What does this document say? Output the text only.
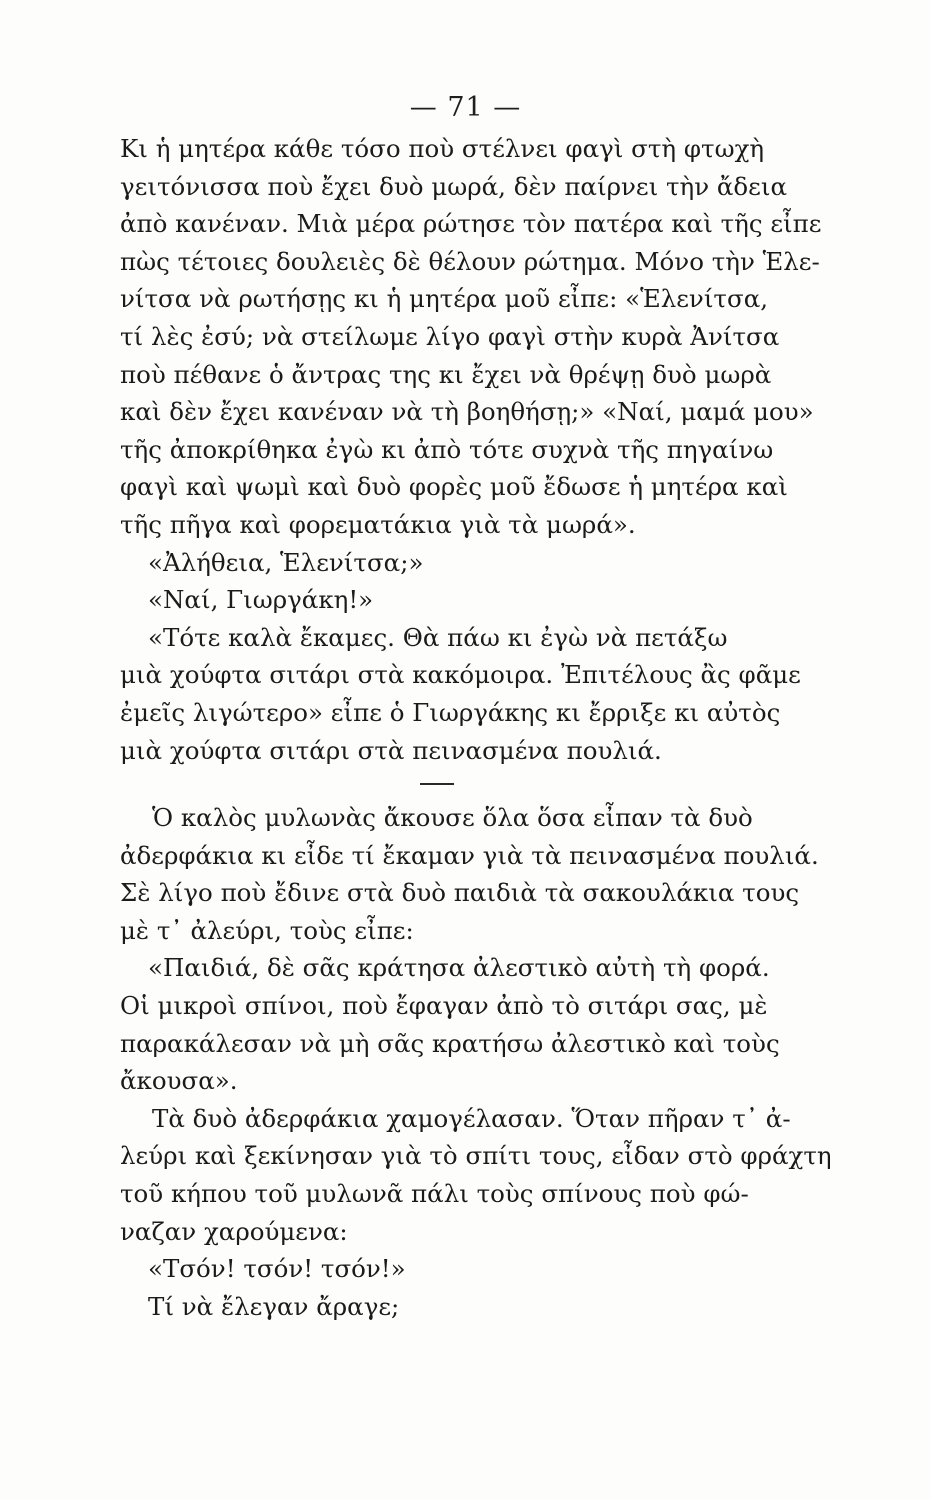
— 71 —
Κι ἡ μητέρα κάθε τόσο ποὺ στέλνει φαγὶ στὴ φτωχὴ
γειτόνισσα ποὺ ἔχει δυὸ μωρά, δὲν παίρνει τὴν ἄδεια
ἀπὸ κανέναν. Μιὰ μέρα ρώτησε τὸν πατέρα καὶ τῆς εἶπε
πὼς τέτοιες δουλειὲς δὲ θέλουν ρώτημα. Μόνο τὴν Ἑλε-
νίτσα νὰ ρωτήσῃς κι ἡ μητέρα μοῦ εἶπε: «Ἑλενίτσα,
τί λὲς ἐσύ; νὰ στείλωμε λίγο φαγὶ στὴν κυρὰ Ἀνίτσα
ποὺ πέθανε ὁ ἄντρας της κι ἔχει νὰ θρέψῃ δυὸ μωρὰ
καὶ δὲν ἔχει κανέναν νὰ τὴ βοηθήσῃ;» «Ναί, μαμά μου»
τῆς ἀποκρίθηκα ἐγὼ κι ἀπὸ τότε συχνὰ τῆς πηγαίνω
φαγὶ καὶ ψωμὶ καὶ δυὸ φορὲς μοῦ ἔδωσε ἡ μητέρα καὶ
τῆς πῆγα καὶ φορεματάκια γιὰ τὰ μωρά».
«Ἀλήθεια, Ἑλενίτσα;»
«Ναί, Γιωργάκη!»
«Τότε καλὰ ἔκαμες. Θὰ πάω κι ἐγὼ νὰ πετάξω
μιὰ χούφτα σιτάρι στὰ κακόμοιρα. Ἐπιτέλους ἂς φᾶμε
ἐμεῖς λιγώτερο» εἶπε ὁ Γιωργάκης κι ἔρριξε κι αὐτὸς
μιὰ χούφτα σιτάρι στὰ πεινασμένα πουλιά.
Ὁ καλὸς μυλωνὰς ἄκουσε ὅλα ὅσα εἶπαν τὰ δυὸ
ἀδερφάκια κι εἶδε τί ἔκαμαν γιὰ τὰ πεινασμένα πουλιά.
Σὲ λίγο ποὺ ἔδινε στὰ δυὸ παιδιὰ τὰ σακουλάκια τους
μὲ τ᾿ ἀλεύρι, τοὺς εἶπε:
«Παιδιά, δὲ σᾶς κράτησα ἀλεστικὸ αὐτὴ τὴ φορά.
Οἱ μικροὶ σπίνοι, ποὺ ἔφαγαν ἀπὸ τὸ σιτάρι σας, μὲ
παρακάλεσαν νὰ μὴ σᾶς κρατήσω ἀλεστικὸ καὶ τοὺς
ἄκουσα».
Τὰ δυὸ ἀδερφάκια χαμογέλασαν. Ὅταν πῆραν τ᾿ ἀ-
λεύρι καὶ ξεκίνησαν γιὰ τὸ σπίτι τους, εἶδαν στὸ φράχτη
τοῦ κήπου τοῦ μυλωνᾶ πάλι τοὺς σπίνους ποὺ φώ-
ναζαν χαρούμενα:
«Τσόν! τσόν! τσόν!»
Τί νὰ ἔλεγαν ἄραγε;
